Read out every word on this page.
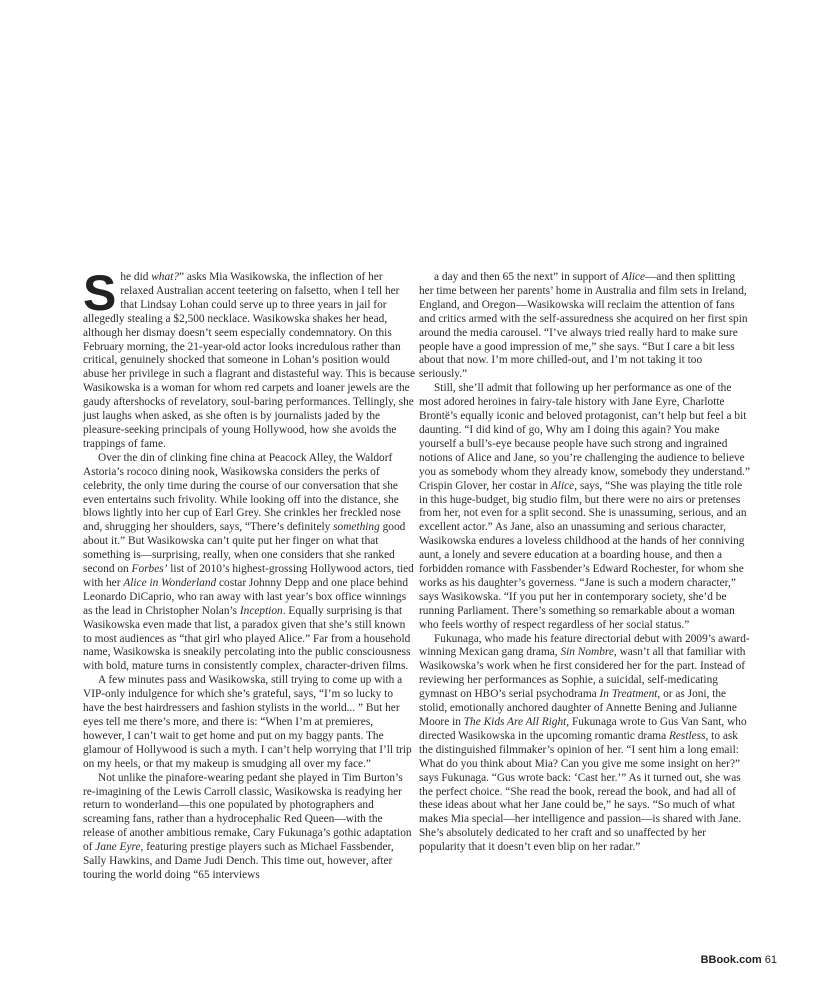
She did what?” asks Mia Wasikowska, the inflection of her relaxed Australian accent teetering on falsetto, when I tell her that Lindsay Lohan could serve up to three years in jail for allegedly stealing a $2,500 necklace. Wasikowska shakes her head, although her dismay doesn’t seem especially condemnatory. On this February morning, the 21-year-old actor looks incredulous rather than critical, genuinely shocked that someone in Lohan’s position would abuse her privilege in such a flagrant and distasteful way. This is because Wasikowska is a woman for whom red carpets and loaner jewels are the gaudy aftershocks of revelatory, soul-baring performances. Tellingly, she just laughs when asked, as she often is by journalists jaded by the pleasure-seeking principals of young Hollywood, how she avoids the trappings of fame.

Over the din of clinking fine china at Peacock Alley, the Waldorf Astoria’s rococo dining nook, Wasikowska considers the perks of celebrity, the only time during the course of our conversation that she even entertains such frivolity. While looking off into the distance, she blows lightly into her cup of Earl Grey. She crinkles her freckled nose and, shrugging her shoulders, says, “There’s definitely something good about it.” But Wasikowska can’t quite put her finger on what that something is—surprising, really, when one considers that she ranked second on Forbes’ list of 2010’s highest-grossing Hollywood actors, tied with her Alice in Wonderland costar Johnny Depp and one place behind Leonardo DiCaprio, who ran away with last year’s box office winnings as the lead in Christopher Nolan’s Inception. Equally surprising is that Wasikowska even made that list, a paradox given that she’s still known to most audiences as “that girl who played Alice.” Far from a household name, Wasikowska is sneakily percolating into the public consciousness with bold, mature turns in consistently complex, character-driven films.

A few minutes pass and Wasikowska, still trying to come up with a VIP-only indulgence for which she’s grateful, says, “I’m so lucky to have the best hairdressers and fashion stylists in the world... ” But her eyes tell me there’s more, and there is: “When I’m at premieres, however, I can’t wait to get home and put on my baggy pants. The glamour of Hollywood is such a myth. I can’t help worrying that I’ll trip on my heels, or that my makeup is smudging all over my face.”

Not unlike the pinafore-wearing pedant she played in Tim Burton’s re-imagining of the Lewis Carroll classic, Wasikowska is readying her return to wonderland—this one populated by photographers and screaming fans, rather than a hydrocephalic Red Queen—with the release of another ambitious remake, Cary Fukunaga’s gothic adaptation of Jane Eyre, featuring prestige players such as Michael Fassbender, Sally Hawkins, and Dame Judi Dench. This time out, however, after touring the world doing “65 interviews

a day and then 65 the next” in support of Alice—and then splitting her time between her parents’ home in Australia and film sets in Ireland, England, and Oregon—Wasikowska will reclaim the attention of fans and critics armed with the self-assuredness she acquired on her first spin around the media carousel. “I’ve always tried really hard to make sure people have a good impression of me,” she says. “But I care a bit less about that now. I’m more chilled-out, and I’m not taking it too seriously.”

Still, she’ll admit that following up her performance as one of the most adored heroines in fairy-tale history with Jane Eyre, Charlotte Brontë’s equally iconic and beloved protagonist, can’t help but feel a bit daunting. “I did kind of go, Why am I doing this again? You make yourself a bull’s-eye because people have such strong and ingrained notions of Alice and Jane, so you’re challenging the audience to believe you as somebody whom they already know, somebody they understand.” Crispin Glover, her costar in Alice, says, “She was playing the title role in this huge-budget, big studio film, but there were no airs or pretenses from her, not even for a split second. She is unassuming, serious, and an excellent actor.” As Jane, also an unassuming and serious character, Wasikowska endures a loveless childhood at the hands of her conniving aunt, a lonely and severe education at a boarding house, and then a forbidden romance with Fassbender’s Edward Rochester, for whom she works as his daughter’s governess. “Jane is such a modern character,” says Wasikowska. “If you put her in contemporary society, she’d be running Parliament. There’s something so remarkable about a woman who feels worthy of respect regardless of her social status.”

Fukunaga, who made his feature directorial debut with 2009’s award-winning Mexican gang drama, Sin Nombre, wasn’t all that familiar with Wasikowska’s work when he first considered her for the part. Instead of reviewing her performances as Sophie, a suicidal, self-medicating gymnast on HBO’s serial psychodrama In Treatment, or as Joni, the stolid, emotionally anchored daughter of Annette Bening and Julianne Moore in The Kids Are All Right, Fukunaga wrote to Gus Van Sant, who directed Wasikowska in the upcoming romantic drama Restless, to ask the distinguished filmmaker’s opinion of her. “I sent him a long email: What do you think about Mia? Can you give me some insight on her?” says Fukunaga. “Gus wrote back: ‘Cast her.’” As it turned out, she was the perfect choice. “She read the book, reread the book, and had all of these ideas about what her Jane could be,” he says. “So much of what makes Mia special—her intelligence and passion—is shared with Jane. She’s absolutely dedicated to her craft and so unaffected by her popularity that it doesn’t even blip on her radar.”

BBook.com 61
